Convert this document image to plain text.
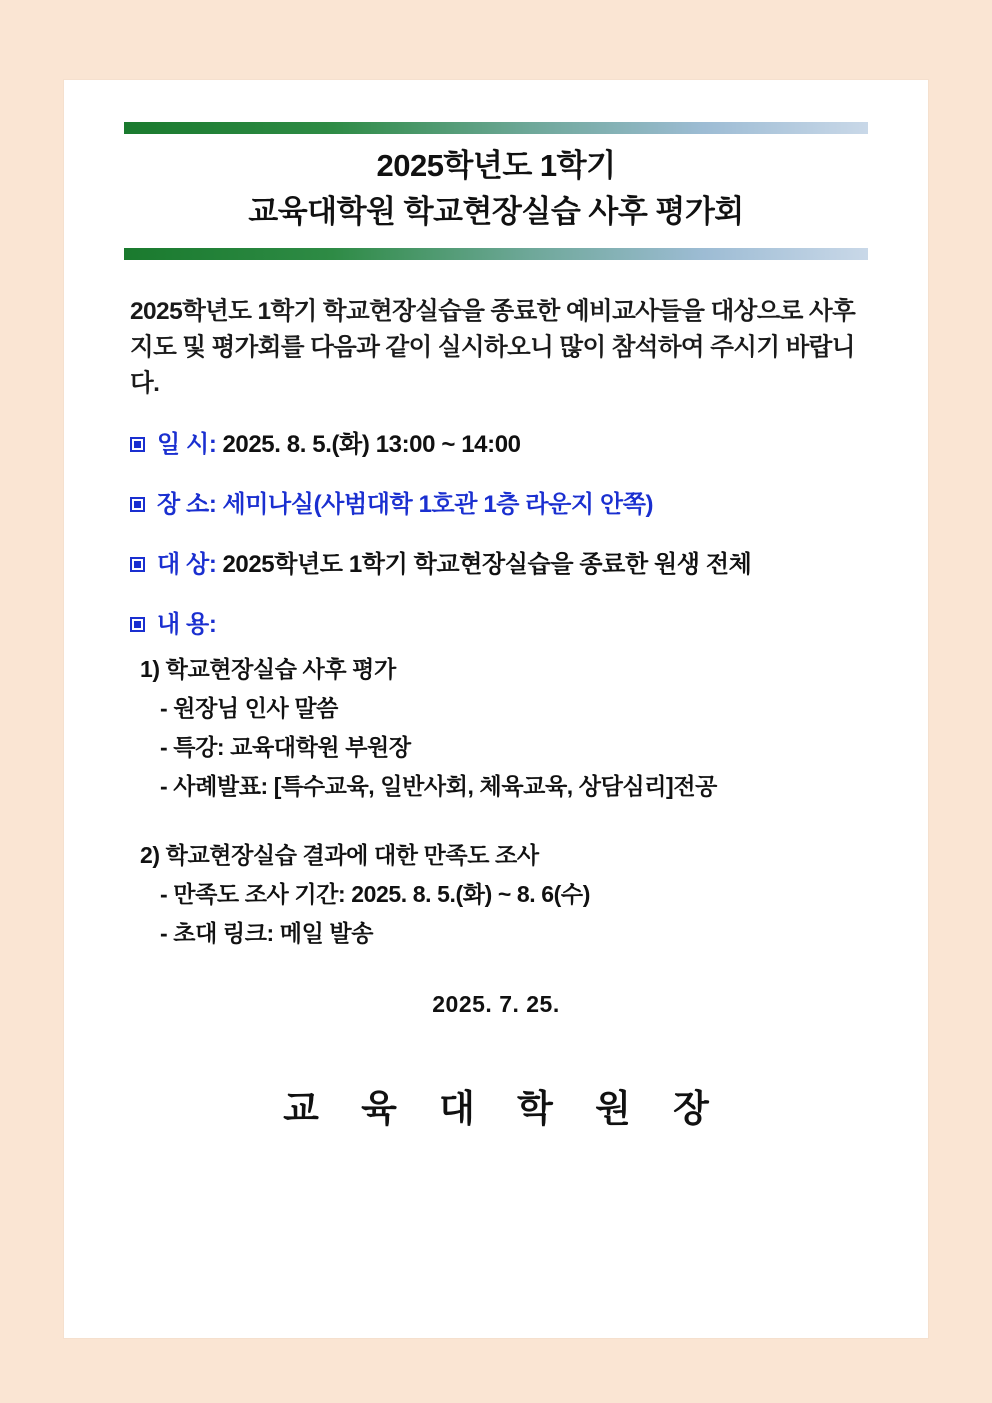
2025학년도 1학기
교육대학원 학교현장실습 사후 평가회

2025학년도 1학기 학교현장실습을 종료한 예비교사들을 대상으로 사후 지도 및 평가회를 다음과 같이 실시하오니 많이 참석하여 주시기 바랍니다.

일 시: 2025. 8. 5.(화) 13:00 ~ 14:00
장 소: 세미나실(사범대학 1호관 1층 라운지 안쪽)
대 상: 2025학년도 1학기 학교현장실습을 종료한 원생 전체
내 용:
1) 학교현장실습 사후 평가
- 원장님 인사 말씀
- 특강: 교육대학원 부원장
- 사례발표: [특수교육, 일반사회, 체육교육, 상담심리]전공
2) 학교현장실습 결과에 대한 만족도 조사
- 만족도 조사 기간: 2025. 8. 5.(화) ~ 8. 6(수)
- 초대 링크: 메일 발송
2025. 7. 25.
교 육 대 학 원 장
